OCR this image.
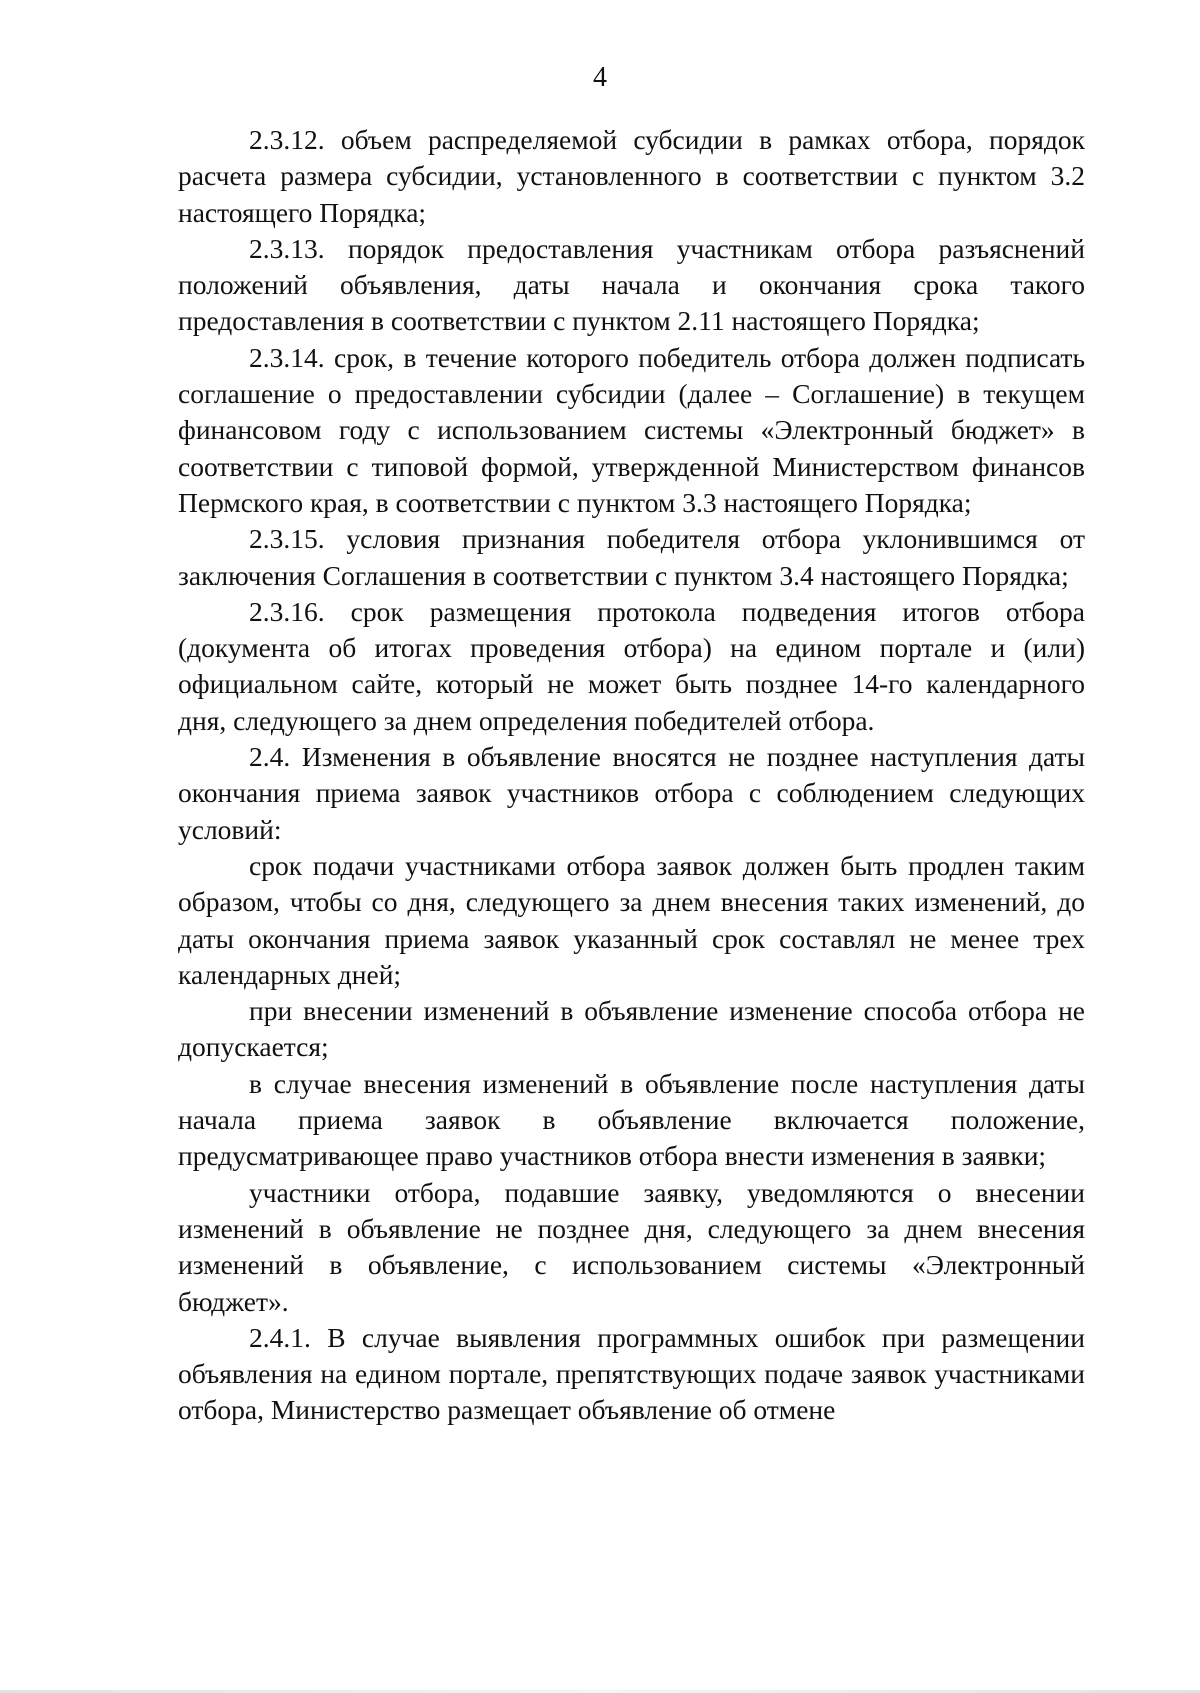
4

2.3.12. объем распределяемой субсидии в рамках отбора, порядок расчета размера субсидии, установленного в соответствии с пунктом 3.2 настоящего Порядка;

2.3.13. порядок предоставления участникам отбора разъяснений положений объявления, даты начала и окончания срока такого предоставления в соответствии с пунктом 2.11 настоящего Порядка;

2.3.14. срок, в течение которого победитель отбора должен подписать соглашение о предоставлении субсидии (далее – Соглашение) в текущем финансовом году с использованием системы «Электронный бюджет» в соответствии с типовой формой, утвержденной Министерством финансов Пермского края, в соответствии с пунктом 3.3 настоящего Порядка;

2.3.15. условия признания победителя отбора уклонившимся от заключения Соглашения в соответствии с пунктом 3.4 настоящего Порядка;

2.3.16. срок размещения протокола подведения итогов отбора (документа об итогах проведения отбора) на едином портале и (или) официальном сайте, который не может быть позднее 14-го календарного дня, следующего за днем определения победителей отбора.

2.4. Изменения в объявление вносятся не позднее наступления даты окончания приема заявок участников отбора с соблюдением следующих условий:

срок подачи участниками отбора заявок должен быть продлен таким образом, чтобы со дня, следующего за днем внесения таких изменений, до даты окончания приема заявок указанный срок составлял не менее трех календарных дней;

при внесении изменений в объявление изменение способа отбора не допускается;

в случае внесения изменений в объявление после наступления даты начала приема заявок в объявление включается положение, предусматривающее право участников отбора внести изменения в заявки;

участники отбора, подавшие заявку, уведомляются о внесении изменений в объявление не позднее дня, следующего за днем внесения изменений в объявление, с использованием системы «Электронный бюджет».

2.4.1. В случае выявления программных ошибок при размещении объявления на едином портале, препятствующих подаче заявок участниками отбора, Министерство размещает объявление об отмене
